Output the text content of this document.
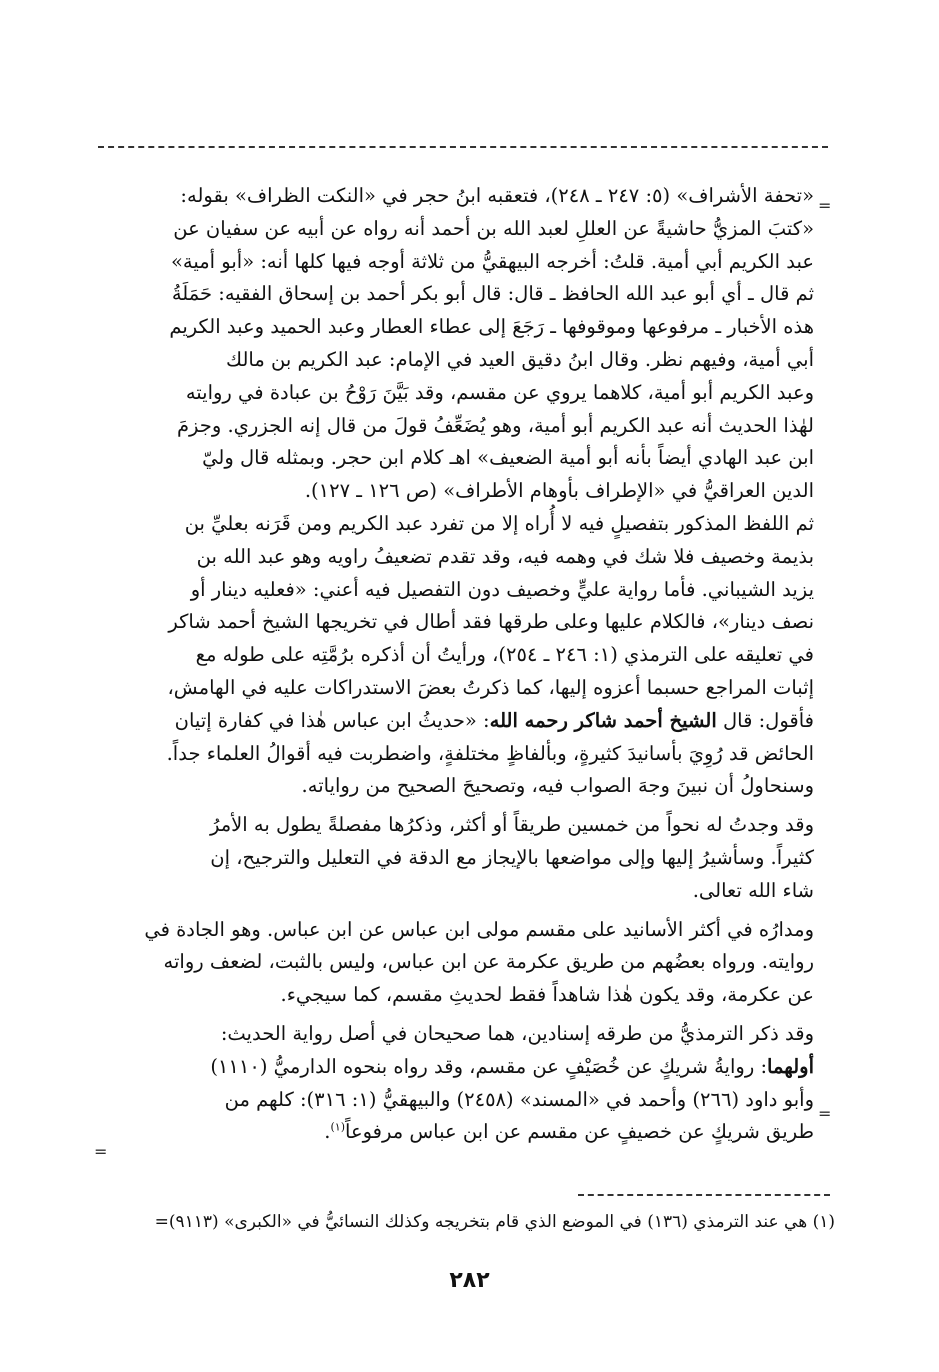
=

«تحفة الأشراف» (٥: ٢٤٧ ـ ٢٤٨)، فتعقبه ابنُ حجر في «النكت الظراف» بقوله:

«كتبَ المزيُّ حاشيةً عن العللِ لعبد الله بن أحمد أنه رواه عن أبيه عن سفيان عن

عبد الكريم أبي أمية. قلتُ: أخرجه البيهقيُّ من ثلاثة أوجه فيها كلها أنه: «أبو أمية»

ثم قال ـ أي أبو عبد الله الحافظ ـ قال: قال أبو بكر أحمد بن إسحاق الفقيه: حَمَلَةُ

هذه الأخبار ـ مرفوعها وموقوفها ـ رَجَعَ إلى عطاء العطار وعبد الحميد وعبد الكريم

أبي أمية، وفيهم نظر. وقال ابنُ دقيق العيد في الإمام: عبد الكريم بن مالك

وعبد الكريم أبو أمية، كلاهما يروي عن مقسم، وقد بَيَّنَ رَوْحُ بن عبادة في روايته

لهٰذا الحديث أنه عبد الكريم أبو أمية، وهو يُضَعِّفُ قولَ من قال إنه الجزري. وجزمَ

ابن عبد الهادي أيضاً بأنه أبو أمية الضعيف» اهـ كلام ابن حجر. وبمثله قال وليّ

الدين العراقيُّ في «الإطراف بأوهام الأطراف» (ص ١٢٦ ـ ١٢٧).

ثم اللفظ المذكور بتفصيلٍ فيه لا أُراه إلا من تفرد عبد الكريم ومن قَرَنه بعليِّ بن

بذيمة وخصيف فلا شك في وهمه فيه، وقد تقدم تضعيفُ راويه وهو عبد الله بن

يزيد الشيباني. فأما رواية عليٍّ وخصيف دون التفصيل فيه أعني: «فعليه دينار أو

نصف دينار»، فالكلام عليها وعلى طرقها فقد أطال في تخريجها الشيخ أحمد شاكر

في تعليقه على الترمذي (١: ٢٤٦ ـ ٢٥٤)، ورأيتُ أن أذكره برُمَّتِه على طوله مع

إثبات المراجع حسبما أعزوه إليها، كما ذكرتُ بعضَ الاستدراكات عليه في الهامش،

فأقول: قال الشيخ أحمد شاكر رحمه الله: «حديثُ ابن عباس هٰذا في كفارة إتيان

الحائض قد رُوِيَ بأسانيدَ كثيرةٍ، وبألفاظٍ مختلفةٍ، واضطربت فيه أقوالُ العلماء جداً.

وسنحاولُ أن نبينَ وجهَ الصواب فيه، وتصحيحَ الصحيح من رواياته.

وقد وجدتُ له نحواً من خمسين طريقاً أو أكثر، وذكرُها مفصلةً يطول به الأمرُ

كثيراً. وسأشيرُ إليها وإلى مواضعها بالإيجاز مع الدقة في التعليل والترجيح، إن

شاء الله تعالى.

ومدارُه في أكثر الأسانيد على مقسم مولى ابن عباس عن ابن عباس. وهو الجادة في

روايته. ورواه بعضُهم من طريق عكرمة عن ابن عباس، وليس بالثبت، لضعف رواته

عن عكرمة، وقد يكون هٰذا شاهداً فقط لحديثِ مقسم، كما سيجيء.

وقد ذكر الترمذيُّ من طرقه إسنادين، هما صحيحان في أصل رواية الحديث:

أولهما: روايةُ شريكٍ عن خُصَيْفٍ عن مقسم، وقد رواه بنحوه الدارميُّ (١١١٠)

وأبو داود (٢٦٦) وأحمد في «المسند» (٢٤٥٨) والبيهقيُّ (١: ٣١٦): كلهم من

طريق شريكٍ عن خصيفٍ عن مقسم عن ابن عباس مرفوعاً$^{(١)}$.

=
=
(١) هي عند الترمذي (١٣٦) في الموضع الذي قام بتخريجه وكذلك النسائيُّ في «الكبرى» (٩١١٣)=
٢٨٢
